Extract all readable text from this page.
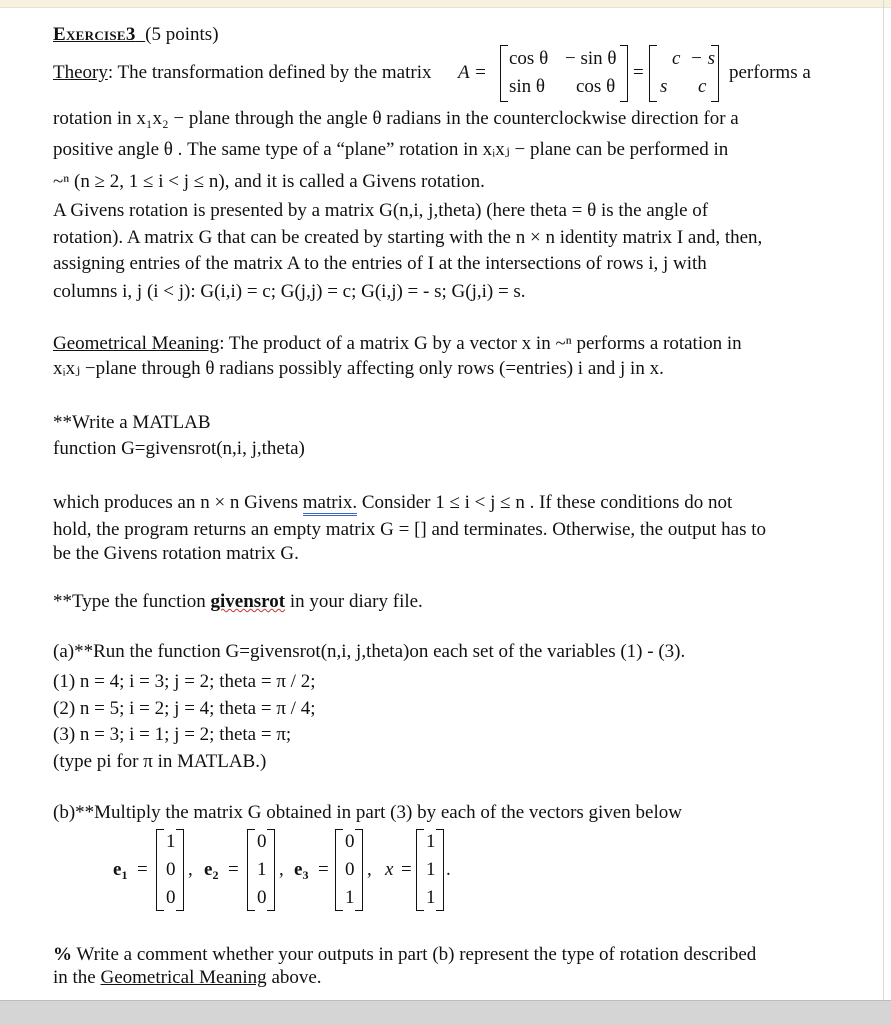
Exercise3 (5 points)
Theory: The transformation defined by the matrix A =
cos θ − sin θ
sin θ cos θ
=
c − s
s c
performs a
rotation in x₁x₂ − plane through the angle θ radians in the counterclockwise direction for a
positive angle θ . The same type of a “plane” rotation in xᵢxⱼ − plane can be performed in
~ⁿ (n ≥ 2, 1 ≤ i < j ≤ n), and it is called a Givens rotation.
A Givens rotation is presented by a matrix G(n,i, j,theta) (here theta = θ is the angle of
rotation). A matrix G that can be created by starting with the n × n identity matrix I and, then,
assigning entries of the matrix A to the entries of I at the intersections of rows i, j with
columns i, j (i < j): G(i,i) = c; G(j,j) = c; G(i,j) = - s; G(j,i) = s.
Geometrical Meaning: The product of a matrix G by a vector x in ~ⁿ performs a rotation in
xᵢxⱼ −plane through θ radians possibly affecting only rows (=entries) i and j in x.
**Write a MATLAB
function G=givensrot(n,i, j,theta)
which produces an n × n Givens matrix. Consider 1 ≤ i < j ≤ n . If these conditions do not
hold, the program returns an empty matrix G = [] and terminates. Otherwise, the output has to
be the Givens rotation matrix G.
**Type the function givensrot in your diary file.
(a)**Run the function G=givensrot(n,i, j,theta)on each set of the variables (1) - (3).
(1) n = 4; i = 3; j = 2; theta = π / 2;
(2) n = 5; i = 2; j = 4; theta = π / 4;
(3) n = 3; i = 1; j = 2; theta = π;
(type pi for π in MATLAB.)
(b)**Multiply the matrix G obtained in part (3) by each of the vectors given below
$e_1$ =
1
0
0
, $e_2$ =
0
1
0
, $e_3$ =
0
0
1
, x =
1
1
1
.
% Write a comment whether your outputs in part (b) represent the type of rotation described
in the Geometrical Meaning above.
